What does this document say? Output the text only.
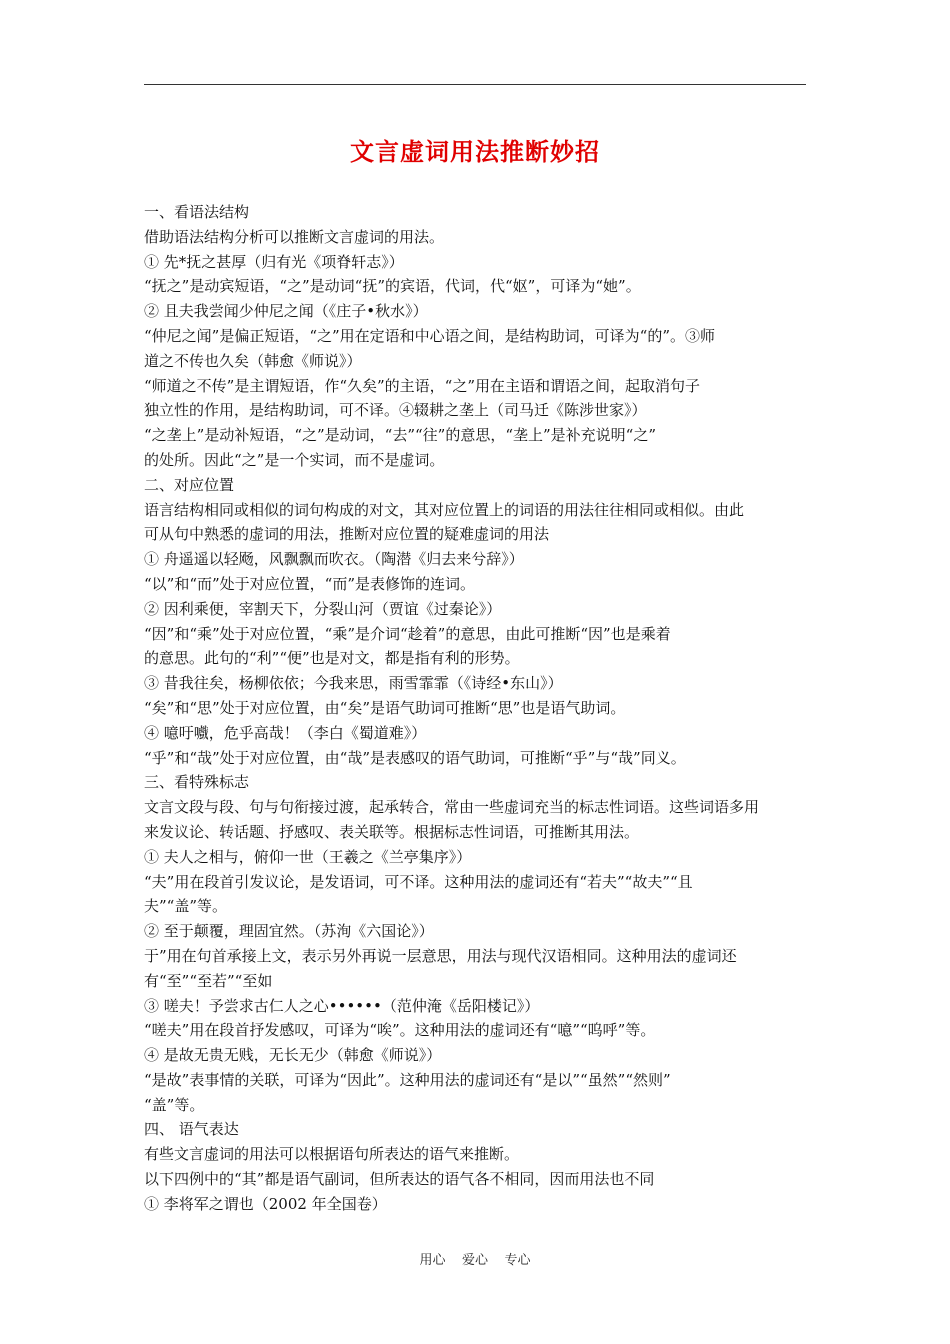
文言虚词用法推断妙招
一、看语法结构
借助语法结构分析可以推断文言虚词的用法。
① 先*抚之甚厚（归有光《项脊轩志》）
“抚之”是动宾短语，“之”是动词“抚”的宾语，代词，代“妪”，可译为“她”。
② 且夫我尝闻少仲尼之闻（《庄子•秋水》）
“仲尼之闻”是偏正短语，“之”用在定语和中心语之间，是结构助词，可译为“的”。③师
道之不传也久矣（韩愈《师说》）
“师道之不传”是主谓短语，作“久矣”的主语，“之”用在主语和谓语之间，起取消句子
独立性的作用，是结构助词，可不译。④辍耕之垄上（司马迁《陈涉世家》）
“之垄上”是动补短语，“之”是动词，“去”“往”的意思，“垄上”是补充说明“之”
的处所。因此“之”是一个实词，而不是虚词。
二、对应位置
语言结构相同或相似的词句构成的对文，其对应位置上的词语的用法往往相同或相似。由此
可从句中熟悉的虚词的用法，推断对应位置的疑难虚词的用法
① 舟遥遥以轻飏，风飘飘而吹衣。（陶潜《归去来兮辞》）
“以”和“而”处于对应位置，“而”是表修饰的连词。
② 因利乘便，宰割天下，分裂山河（贾谊《过秦论》）
“因”和“乘”处于对应位置，“乘”是介词“趁着”的意思，由此可推断“因”也是乘着
的意思。此句的“利”“便”也是对文，都是指有利的形势。
③ 昔我往矣，杨柳依依；今我来思，雨雪霏霏（《诗经•东山》）
“矣”和“思”处于对应位置，由“矣”是语气助词可推断“思”也是语气助词。
④ 噫吁嚱，危乎高哉！（李白《蜀道难》）
“乎”和“哉”处于对应位置，由“哉”是表感叹的语气助词，可推断“乎”与“哉”同义。
三、看特殊标志
文言文段与段、句与句衔接过渡，起承转合，常由一些虚词充当的标志性词语。这些词语多用
来发议论、转话题、抒感叹、表关联等。根据标志性词语，可推断其用法。
① 夫人之相与，俯仰一世（王羲之《兰亭集序》）
“夫”用在段首引发议论，是发语词，可不译。这种用法的虚词还有“若夫”“故夫”“且
夫”“盖”等。
② 至于颠覆，理固宜然。（苏洵《六国论》）
于”用在句首承接上文，表示另外再说一层意思，用法与现代汉语相同。这种用法的虚词还
有“至”“至若”“至如
③ 嗟夫！予尝求古仁人之心••••••（范仲淹《岳阳楼记》）
“嗟夫”用在段首抒发感叹，可译为“唉”。这种用法的虚词还有“噫”“呜呼”等。
④ 是故无贵无贱，无长无少（韩愈《师说》）
“是故”表事情的关联，可译为“因此”。这种用法的虚词还有“是以”“虽然”“然则”
“盖”等。
四、 语气表达
有些文言虚词的用法可以根据语句所表达的语气来推断。
以下四例中的“其”都是语气副词，但所表达的语气各不相同，因而用法也不同
① 李将军之谓也（2002 年全国卷）
用心    爱心    专心
